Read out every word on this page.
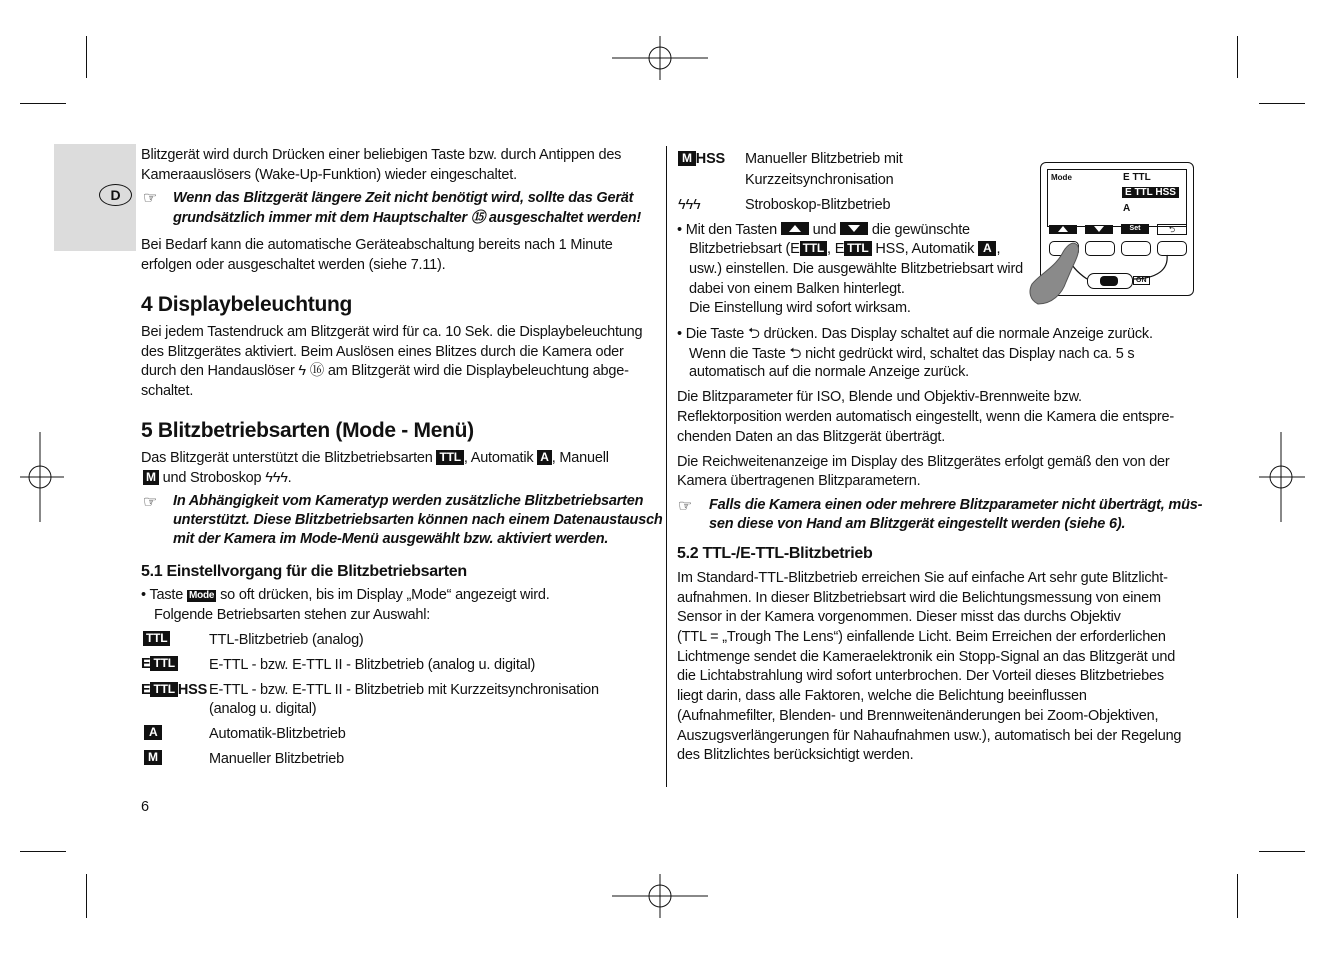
D
Blitzgerät wird durch Drücken einer beliebigen Taste bzw. durch Antippen des
Kameraauslösers (Wake-Up-Funktion) wieder eingeschaltet.
☞ Wenn das Blitzgerät längere Zeit nicht benötigt wird, sollte das Gerät
grundsätzlich immer mit dem Hauptschalter ⑮ ausgeschaltet werden!
Bei Bedarf kann die automatische Geräteabschaltung bereits nach 1 Minute
erfolgen oder ausgeschaltet werden (siehe 7.11).
4 Displaybeleuchtung
Bei jedem Tastendruck am Blitzgerät wird für ca. 10 Sek. die Displaybeleuchtung
des Blitzgerätes aktiviert. Beim Auslösen eines Blitzes durch die Kamera oder
durch den Handauslöser ϟ ⑯ am Blitzgerät wird die Displaybeleuchtung abge-
schaltet.
5 Blitzbetriebsarten (Mode - Menü)
Das Blitzgerät unterstützt die Blitzbetriebsarten TTL , Automatik A , Manuell
M und Stroboskop ϟϟϟ.
☞ In Abhängigkeit vom Kameratyp werden zusätzliche Blitzbetriebsarten
unterstützt. Diese Blitzbetriebsarten können nach einem Datenaustausch
mit der Kamera im Mode-Menü ausgewählt bzw. aktiviert werden.
5.1 Einstellvorgang für die Blitzbetriebsarten
• Taste Mode so oft drücken, bis im Display „Mode“ angezeigt wird.
Folgende Betriebsarten stehen zur Auswahl:
TTL	TTL-Blitzbetrieb (analog)
E TTL E-TTL - bzw. E-TTL II - Blitzbetrieb (analog u. digital)
E TTL HSS E-TTL - bzw. E-TTL II - Blitzbetrieb mit Kurzzeitsynchronisation
(analog u. digital)
A	Automatik-Blitzbetrieb
M	Manueller Blitzbetrieb
6
M HSS Manueller Blitzbetrieb mit
Kurzzeitsynchronisation
ϟϟϟ	Stroboskop-Blitzbetrieb
• Mit den Tasten und die gewünschte
Blitzbetriebsart (E TTL , E TTL HSS, Automatik A ,
usw.) einstellen. Die ausgewählte Blitzbetriebsart wird
dabei von einem Balken hinterlegt.
Die Einstellung wird sofort wirksam.
• Die Taste ⮌ drücken. Das Display schaltet auf die normale Anzeige zurück.
Wenn die Taste ⮌ nicht gedrückt wird, schaltet das Display nach ca. 5 s
automatisch auf die normale Anzeige zurück.
Die Blitzparameter für ISO, Blende und Objektiv-Brennweite bzw.
Reflektorposition werden automatisch eingestellt, wenn die Kamera die entspre-
chenden Daten an das Blitzgerät überträgt.
Die Reichweitenanzeige im Display des Blitzgerätes erfolgt gemäß den von der
Kamera übertragenen Blitzparametern.
☞ Falls die Kamera einen oder mehrere Blitzparameter nicht überträgt, müs-
sen diese von Hand am Blitzgerät eingestellt werden (siehe 6).
5.2 TTL-/E-TTL-Blitzbetrieb
Im Standard-TTL-Blitzbetrieb erreichen Sie auf einfache Art sehr gute Blitzlicht-
aufnahmen. In dieser Blitzbetriebsart wird die Belichtungsmessung von einem
Sensor in der Kamera vorgenommen. Dieser misst das durchs Objektiv
(TTL = „Trough The Lens“) einfallende Licht. Beim Erreichen der erforderlichen
Lichtmenge sendet die Kameraelektronik ein Stopp-Signal an das Blitzgerät und
die Lichtabstrahlung wird sofort unterbrochen. Der Vorteil dieses Blitzbetriebes
liegt darin, dass alle Faktoren, welche die Belichtung beeinflussen
(Aufnahmefilter, Blenden- und Brennweitenänderungen bei Zoom-Objektiven,
Auszugsverlängerungen für Nahaufnahmen usw.), automatisch bei der Regelung
des Blitzlichtes berücksichtigt werden.
Mode	E TTL
E TTL HSS
A
Set	⮌
ON
